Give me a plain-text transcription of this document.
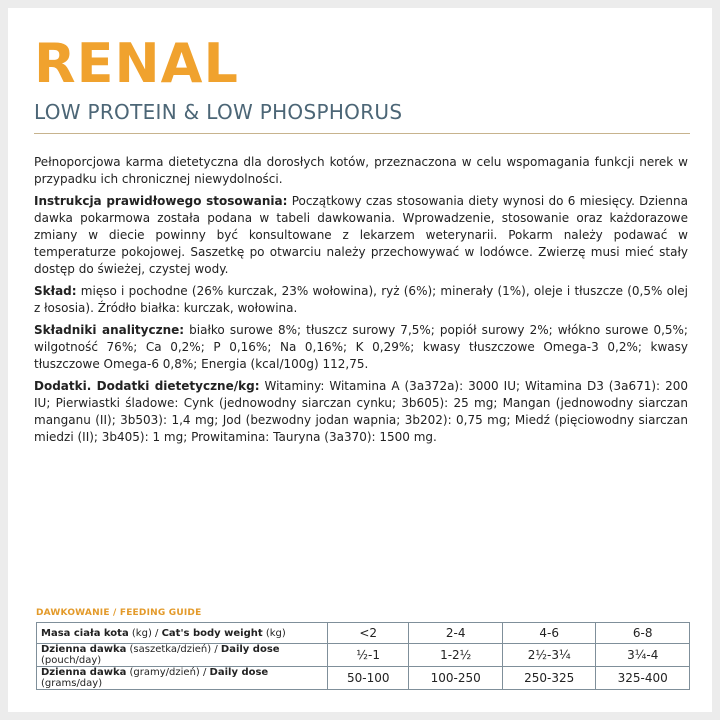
RENAL
LOW PROTEIN & LOW PHOSPHORUS

Pełnoporcjowa karma dietetyczna dla dorosłych kotów, przeznaczona w celu wspomagania funkcji nerek w przypadku ich chronicznej niewydolności.

Instrukcja prawidłowego stosowania: Początkowy czas stosowania diety wynosi do 6 miesięcy. Dzienna dawka pokarmowa została podana w tabeli dawkowania. Wprowadzenie, stosowanie oraz każdorazowe zmiany w diecie powinny być konsultowane z lekarzem weterynarii. Pokarm należy podawać w temperaturze pokojowej. Saszetkę po otwarciu należy przechowywać w lodówce. Zwierzę musi mieć stały dostęp do świeżej, czystej wody.

Skład: mięso i pochodne (26% kurczak, 23% wołowina), ryż (6%); minerały (1%), oleje i tłuszcze (0,5% olej z łososia). Źródło białka: kurczak, wołowina.

Składniki analityczne: białko surowe 8%; tłuszcz surowy 7,5%; popiół surowy 2%; włókno surowe 0,5%; wilgotność 76%; Ca 0,2%; P 0,16%; Na 0,16%; K 0,29%; kwasy tłuszczowe Omega-3 0,2%; kwasy tłuszczowe Omega-6 0,8%; Energia (kcal/100g) 112,75.

Dodatki. Dodatki dietetyczne/kg: Witaminy: Witamina A (3a372a): 3000 IU; Witamina D3 (3a671): 200 IU; Pierwiastki śladowe: Cynk (jednowodny siarczan cynku; 3b605): 25 mg; Mangan (jednowodny siarczan manganu (II); 3b503): 1,4 mg; Jod (bezwodny jodan wapnia; 3b202): 0,75 mg; Miedź (pięciowodny siarczan miedzi (II); 3b405): 1 mg; Prowitamina: Tauryna (3a370): 1500 mg.

DAWKOWANIE / FEEDING GUIDE
Masa ciała kota (kg) / Cat's body weight (kg)	<2	2-4	4-6	6-8
Dzienna dawka (saszetka/dzień) / Daily dose (pouch/day)	½-1	1-2½	2½-3¼	3¼-4
Dzienna dawka (gramy/dzień) / Daily dose (grams/day)	50-100	100-250	250-325	325-400
